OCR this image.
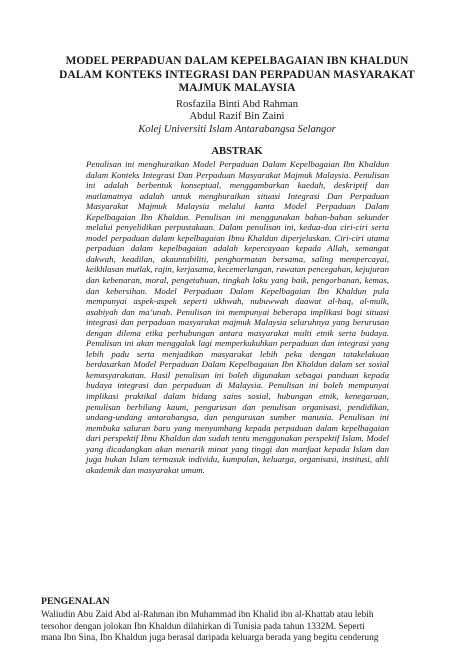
MODEL PERPADUAN DALAM KEPELBAGAIAN IBN KHALDUN
DALAM KONTEKS INTEGRASI DAN PERPADUAN MASYARAKAT
MAJMUK MALAYSIA
Rosfazila Binti Abd Rahman
Abdul Razif Bin Zaini
Kolej Universiti Islam Antarabangsa Selangor
ABSTRAK

Penulisan ini menghuraikan Model Perpaduan Dalam Kepelbagaian Ibn Khaldun dalam Konteks Integrasi Dan Perpaduan Masyarakat Majmuk Malaysia. Penulisan ini adalah berbentuk konseptual, menggambarkan kaedah, deskriptif dan matlamatnya adalah untuk menghuraikan situasi Integrasi Dan Perpaduan Masyarakat Majmuk Malaysia melalui kanta Model Perpaduan Dalam Kepelbagaian Ibn Khaldun. Penulisan ini menggunakan bahan-bahan sekunder melalui penyelidikan perpustakaan. Dalam penulisan ini, kedua-dua ciri-ciri serta model perpaduan dalam kepelbagaian Ibnu Khaldun diperjelaskan. Ciri-ciri utama perpaduan dalam kepelbagaian adalah kepercayaan kepada Allah, semangat dakwah, keadilan, akauntabiliti, penghormatan bersama, saling mempercayai, keikhlasan mutlak, rajin, kerjasama, kecemerlangan, rawatan pencegahan, kejujuran dan kebenaran, moral, pengetahuan, tingkah laku yang baik, pengorbanan, kemas, dan kebersihan. Model Perpaduan Dalam Kepelbagaian Ibn Khaldun pula mempunyai aspek-aspek seperti ukhwah, nubuwwah daawat al-haq, al-mulk, asabiyah dan ma’unah. Penulisan ini mempunyai beberapa implikasi bagi situasi integrasi dan perpaduan masyarakat majmuk Malaysia seluruhnya yang berurusan dengan dilema etika perhubungan antara masyarakat multi etnik serta budaya. Penulisan ini akan menggalak lagi memperkukuhkan perpaduan dan integrasi yang lebih padu serta menjadikan masyarakat lebih peka dengan tatakelakuan berdasarkan Model Perpaduan Dalam Kepelbagaian Ibn Khaldun dalam set sosial kemasyarakatan. Hasil penulisan ini boleh digunakan sebagai panduan kepada budaya integrasi dan perpaduan di Malaysia. Penulisan ini boleh mempunyai implikasi praktikal dalam bidang sains sosial, hubungan etnik, kenegaraan, penulisan berbilang kaum, pengurusan dan penulisan organisasi, pendidikan, undang-undang antarabangsa, dan pengurusan sumber manusia. Penulisan ini membuka saluran baru yang menyumbang kepada perpaduan dalam kepelbagaian dari perspektif Ibnu Khaldun dan sudah tentu menggunakan perspektif Islam. Model yang dicadangkan akan menarik minat yang tinggi dan manfaat kepada Islam dan juga bukan Islam termasuk individu, kumpulan, keluarga, organisasi, institusi, ahli akademik dan masyarakat umum.

PENGENALAN

Waliudin Abu Zaid Abd al-Rahman ibn Muhammad ibn Khalid ibn al-Khattab atau lebih
tersohor dengan jolokan Ibn Khaldun dilahirkan di Tunisia pada tahun 1332M. Seperti
mana Ibn Sina, Ibn Khaldun juga berasal daripada keluarga berada yang begitu cenderung
